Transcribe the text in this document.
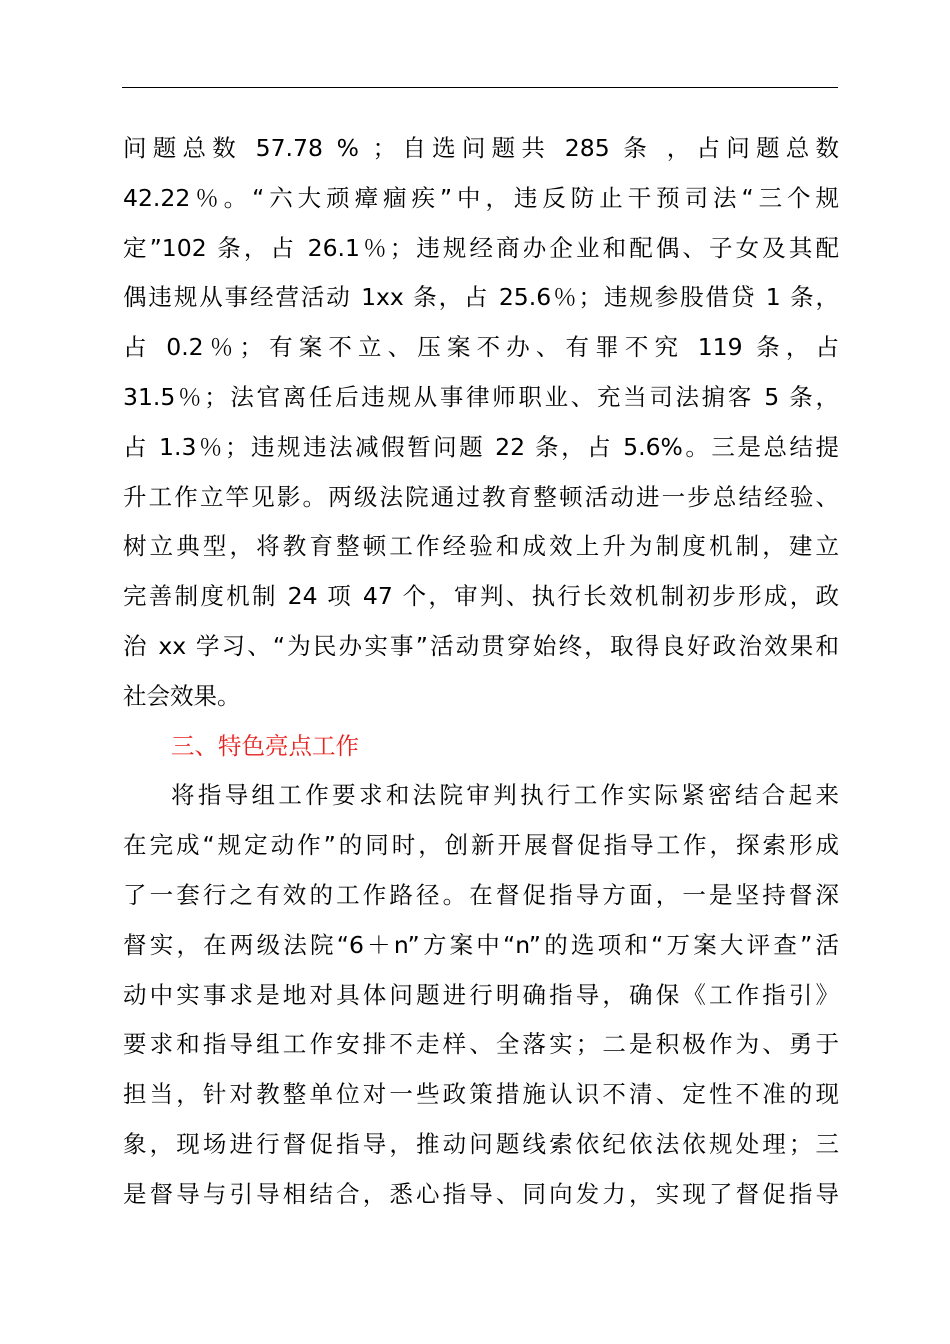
问题总数 57.78 % ；自选问题共 285 条 ，占问题总数
42.22％。“六大顽瘴痼疾”中，违反防止干预司法“三个规
定”102 条，占 26.1％；违规经商办企业和配偶、子女及其配
偶违规从事经营活动 1xx 条，占 25.6％；违规参股借贷 1 条，
占 0.2％；有案不立、压案不办、有罪不究 119 条，占
31.5％；法官离任后违规从事律师职业、充当司法掮客 5 条，
占 1.3％；违规违法减假暂问题 22 条，占 5.6%。三是总结提
升工作立竿见影。两级法院通过教育整顿活动进一步总结经验、
树立典型，将教育整顿工作经验和成效上升为制度机制，建立
完善制度机制 24 项 47 个，审判、执行长效机制初步形成，政
治 xx 学习、“为民办实事”活动贯穿始终，取得良好政治效果和
社会效果。
三、特色亮点工作
将指导组工作要求和法院审判执行工作实际紧密结合起来
在完成“规定动作”的同时，创新开展督促指导工作，探索形成
了一套行之有效的工作路径。在督促指导方面，一是坚持督深
督实，在两级法院“6＋n”方案中“n”的选项和“万案大评查”活
动中实事求是地对具体问题进行明确指导，确保《工作指引》
要求和指导组工作安排不走样、全落实；二是积极作为、勇于
担当，针对教整单位对一些政策措施认识不清、定性不准的现
象，现场进行督促指导，推动问题线索依纪依法依规处理；三
是督导与引导相结合，悉心指导、同向发力，实现了督促指导
